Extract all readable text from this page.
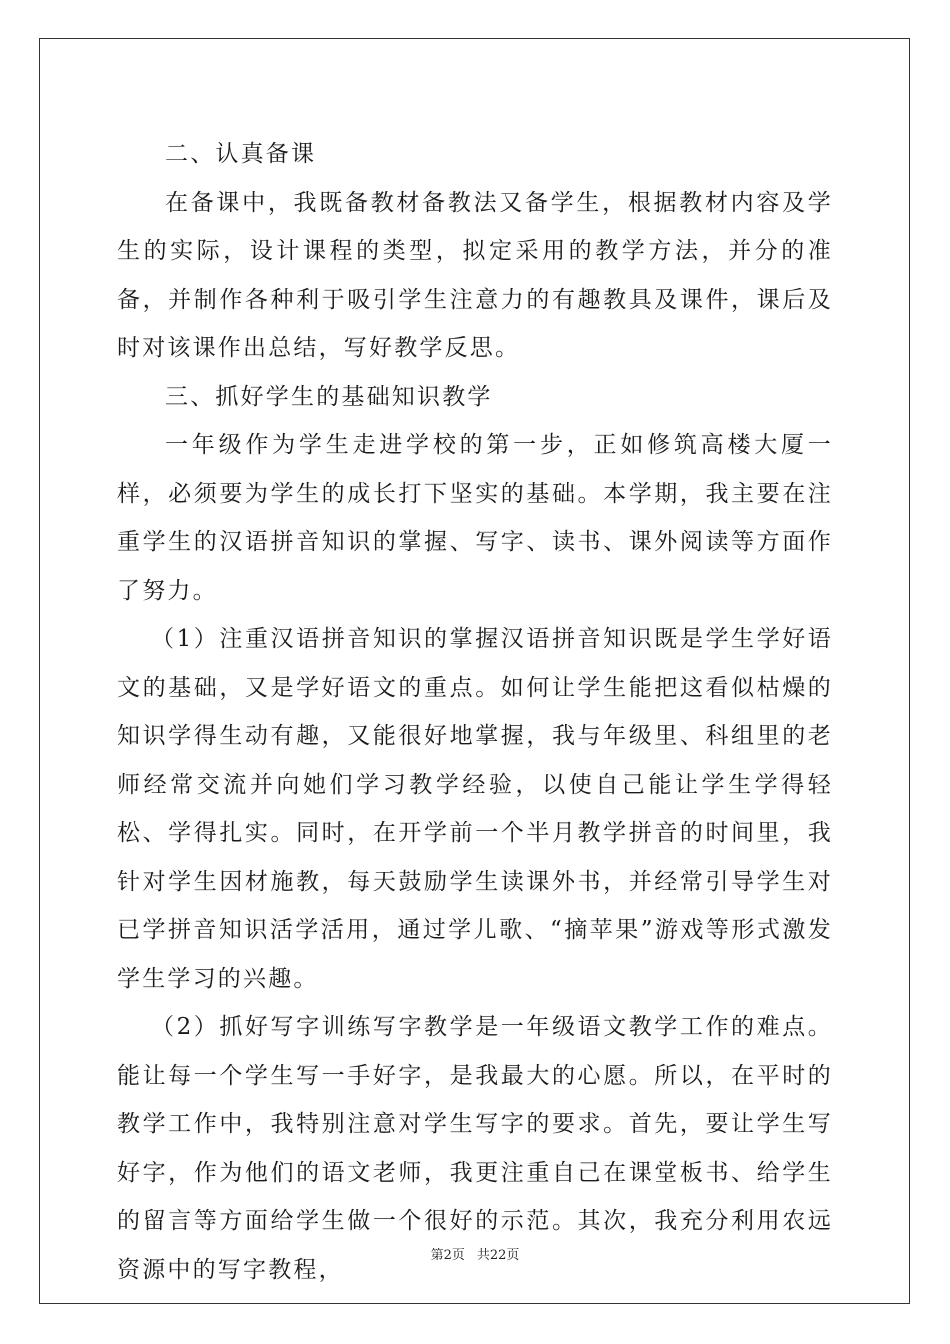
二、认真备课

在备课中，我既备教材备教法又备学生，根据教材内容及学生的实际，设计课程的类型，拟定采用的教学方法，并分的准备，并制作各种利于吸引学生注意力的有趣教具及课件，课后及时对该课作出总结，写好教学反思。

三、抓好学生的基础知识教学

一年级作为学生走进学校的第一步，正如修筑高楼大厦一样，必须要为学生的成长打下坚实的基础。本学期，我主要在注重学生的汉语拼音知识的掌握、写字、读书、课外阅读等方面作了努力。

（1）注重汉语拼音知识的掌握汉语拼音知识既是学生学好语文的基础，又是学好语文的重点。如何让学生能把这看似枯燥的知识学得生动有趣，又能很好地掌握，我与年级里、科组里的老师经常交流并向她们学习教学经验，以使自己能让学生学得轻松、学得扎实。同时，在开学前一个半月教学拼音的时间里，我针对学生因材施教，每天鼓励学生读课外书，并经常引导学生对已学拼音知识活学活用，通过学儿歌、“摘苹果”游戏等形式激发学生学习的兴趣。

（2）抓好写字训练写字教学是一年级语文教学工作的难点。能让每一个学生写一手好字，是我最大的心愿。所以，在平时的教学工作中，我特别注意对学生写字的要求。首先，要让学生写好字，作为他们的语文老师，我更注重自己在课堂板书、给学生的留言等方面给学生做一个很好的示范。其次，我充分利用农远资源中的写字教程，

第2页 共22页
